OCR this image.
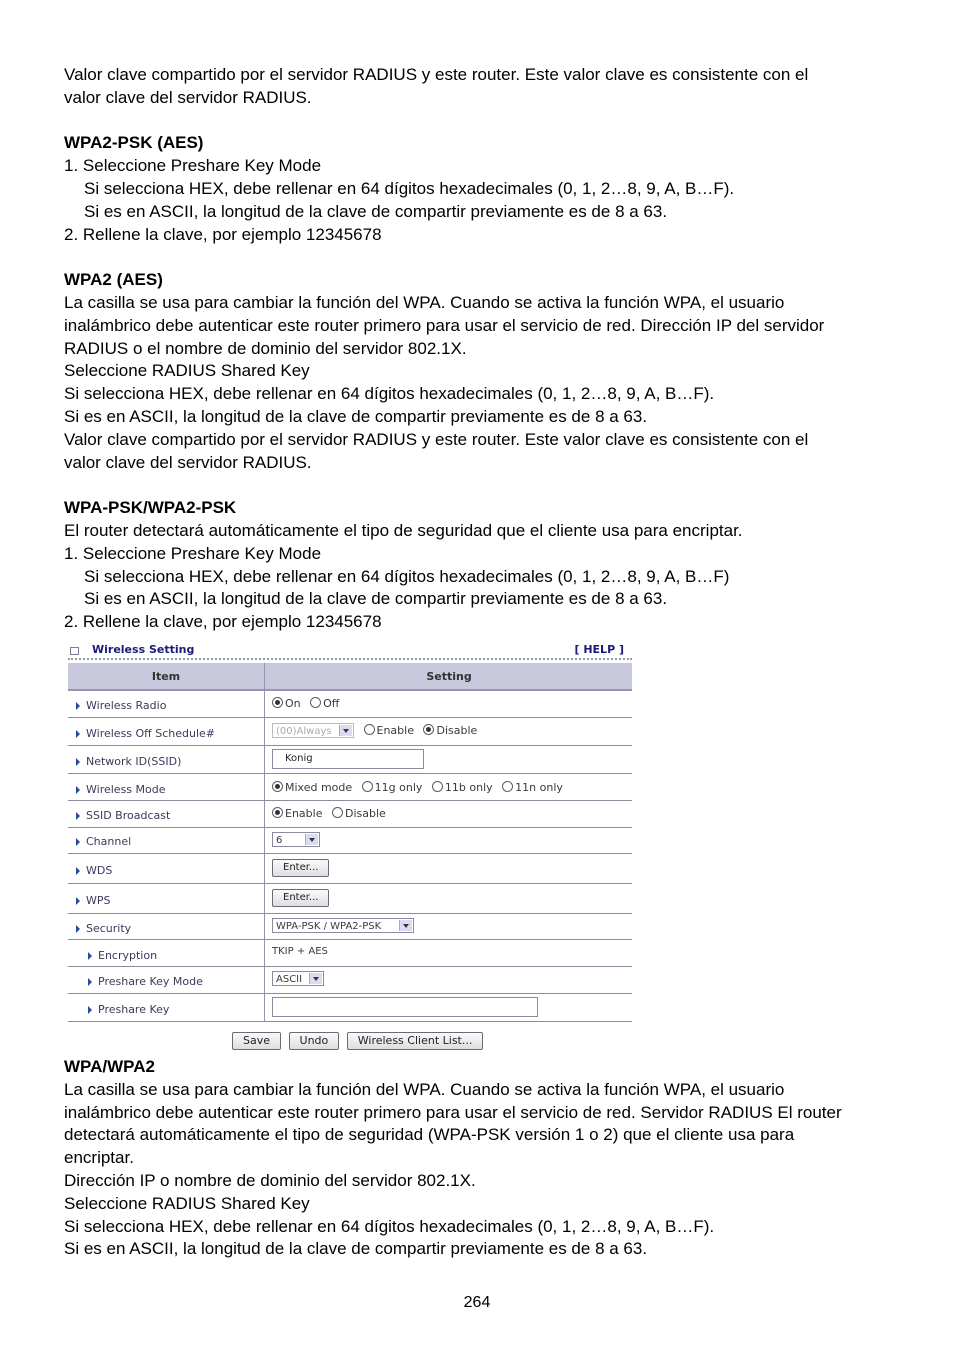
Valor clave compartido por el servidor RADIUS y este router. Este valor clave es consistente con el

valor clave del servidor RADIUS.

WPA2-PSK (AES)

1. Seleccione Preshare Key Mode

Si selecciona HEX, debe rellenar en 64 dígitos hexadecimales (0, 1, 2…8, 9, A, B…F).

Si es en ASCII, la longitud de la clave de compartir previamente es de 8 a 63.

2. Rellene la clave, por ejemplo 12345678

WPA2 (AES)

La casilla se usa para cambiar la función del WPA. Cuando se activa la función WPA, el usuario

inalámbrico debe autenticar este router primero para usar el servicio de red. Dirección IP del servidor

RADIUS o el nombre de dominio del servidor 802.1X.

Seleccione RADIUS Shared Key

Si selecciona HEX, debe rellenar en 64 dígitos hexadecimales (0, 1, 2…8, 9, A, B…F).

Si es en ASCII, la longitud de la clave de compartir previamente es de 8 a 63.

Valor clave compartido por el servidor RADIUS y este router. Este valor clave es consistente con el

valor clave del servidor RADIUS.

WPA-PSK/WPA2-PSK

El router detectará automáticamente el tipo de seguridad que el cliente usa para encriptar.

1. Seleccione Preshare Key Mode

Si selecciona HEX, debe rellenar en 64 dígitos hexadecimales (0, 1, 2…8, 9, A, B…F)

Si es en ASCII, la longitud de la clave de compartir previamente es de 8 a 63.

2. Rellene la clave, por ejemplo 12345678

Wireless Setting	[ HELP ]
Item	Setting
Wireless Radio	On Off
Wireless Off Schedule#	(00)Always	Enable Disable
Network ID(SSID)	Konig
Wireless Mode	Mixed mode 11g only 11b only 11n only
SSID Broadcast	Enable Disable
Channel	6
WDS	Enter...
WPS	Enter...
Security	WPA-PSK / WPA2-PSK
Encryption	TKIP + AES
Preshare Key Mode	ASCII
Preshare Key
Save	Undo	Wireless Client List...

WPA/WPA2

La casilla se usa para cambiar la función del WPA. Cuando se activa la función WPA, el usuario

inalámbrico debe autenticar este router primero para usar el servicio de red. Servidor RADIUS El router

detectará automáticamente el tipo de seguridad (WPA-PSK versión 1 o 2) que el cliente usa para

encriptar.

Dirección IP o nombre de dominio del servidor 802.1X.

Seleccione RADIUS Shared Key

Si selecciona HEX, debe rellenar en 64 dígitos hexadecimales (0, 1, 2…8, 9, A, B…F).

Si es en ASCII, la longitud de la clave de compartir previamente es de 8 a 63.

264
